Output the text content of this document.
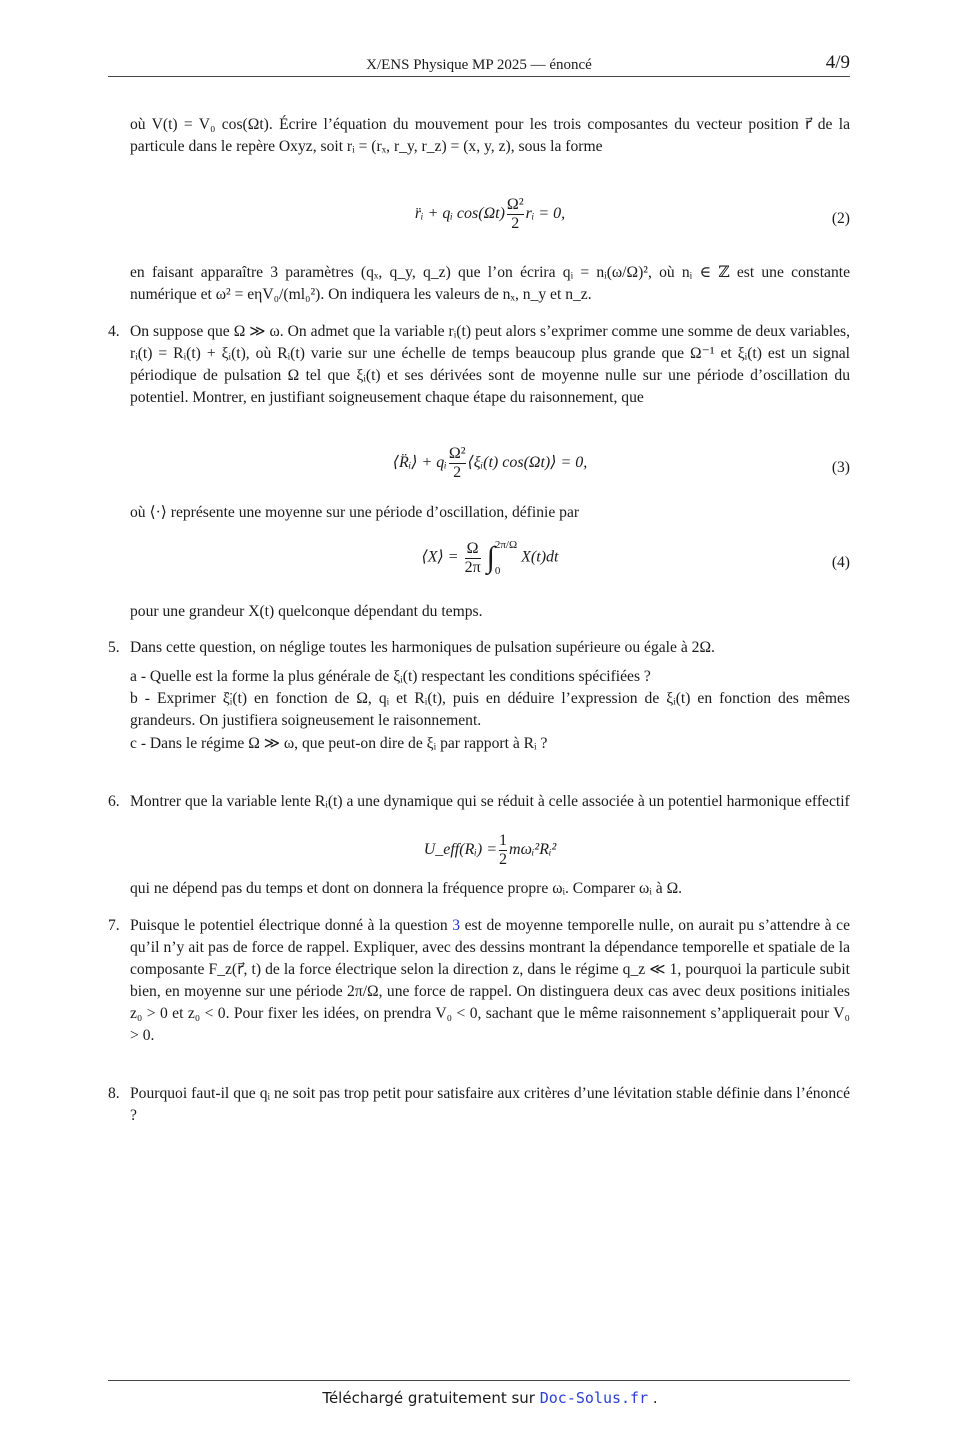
X/ENS Physique MP 2025 — énoncé	4/9
où V(t) = V₀ cos(Ωt). Écrire l’équation du mouvement pour les trois composantes du vecteur position r⃗ de la particule dans le repère Oxyz, soit rᵢ = (rₓ, r_y, r_z) = (x, y, z), sous la forme
r̈ᵢ + qᵢ $\cos(\Omega t) \frac{\text{Ω²}}{2}$ rᵢ = 0,	(2)
en faisant apparaître 3 paramètres (qₓ, q_y, q_z) que l’on écrira qᵢ = nᵢ(ω/Ω)², où nᵢ ∈ ℤ est une constante numérique et ω² = eηV₀/(ml₀²). On indiquera les valeurs de nₓ, n_y et n_z.
4. On suppose que Ω ≫ ω. On admet que la variable rᵢ(t) peut alors s’exprimer comme une somme de deux variables, rᵢ(t) = Rᵢ(t) + ξᵢ(t), où Rᵢ(t) varie sur une échelle de temps beaucoup plus grande que Ω⁻¹ et ξᵢ(t) est un signal périodique de pulsation Ω tel que ξᵢ(t) et ses dérivées sont de moyenne nulle sur une période d’oscillation du potentiel. Montrer, en justifiant soigneusement chaque étape du raisonnement, que
⟨R̈ᵢ⟩ + qᵢ $\frac{\text{Ω²}}{2}$ ⟨ξᵢ(t) cos(Ωt)⟩ = 0,	(3)
où ⟨·⟩ représente une moyenne sur une période d’oscillation, définie par
⟨X⟩ = $\frac{\Omega}{2\pi}$ ∫ 2π/Ω
0
X(t)dt	(4)
pour une grandeur X(t) quelconque dépendant du temps.
5. Dans cette question, on néglige toutes les harmoniques de pulsation supérieure ou égale à 2Ω.
a - Quelle est la forme la plus générale de ξᵢ(t) respectant les conditions spécifiées ?
b - Exprimer ξ̈ᵢ(t) en fonction de Ω, qᵢ et Rᵢ(t), puis en déduire l’expression de ξᵢ(t) en fonction des mêmes grandeurs. On justifiera soigneusement le raisonnement.
c - Dans le régime Ω ≫ ω, que peut-on dire de ξᵢ par rapport à Rᵢ ?
6. Montrer que la variable lente Rᵢ(t) a une dynamique qui se réduit à celle associée à un potentiel harmonique effectif
U_eff(Rᵢ) = $\frac{1}{2}$ mωᵢ²Rᵢ²
qui ne dépend pas du temps et dont on donnera la fréquence propre ωᵢ. Comparer ωᵢ à Ω.
7. Puisque le potentiel électrique donné à la question 3 est de moyenne temporelle nulle, on aurait pu s’attendre à ce qu’il n’y ait pas de force de rappel. Expliquer, avec des dessins montrant la dépendance temporelle et spatiale de la composante F_z(r⃗, t) de la force électrique selon la direction z, dans le régime q_z ≪ 1, pourquoi la particule subit bien, en moyenne sur une période 2π/Ω, une force de rappel. On distinguera deux cas avec deux positions initiales z₀ > 0 et z₀ < 0. Pour fixer les idées, on prendra V₀ < 0, sachant que le même raisonnement s’appliquerait pour V₀ > 0.
8. Pourquoi faut-il que qᵢ ne soit pas trop petit pour satisfaire aux critères d’une lévitation stable définie dans l’énoncé ?
Téléchargé gratuitement sur Doc-Solus.fr .
